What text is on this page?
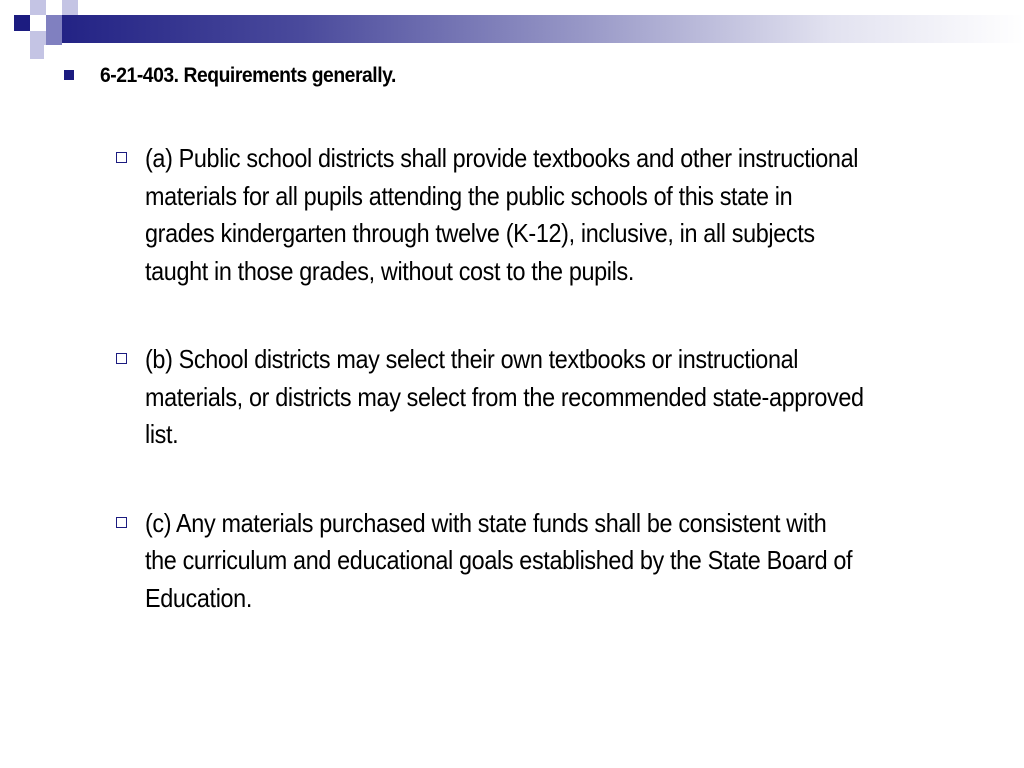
6-21-403. Requirements generally.
(a) Public school districts shall provide textbooks and other instructional
materials for all pupils attending the public schools of this state in
grades kindergarten through twelve (K-12), inclusive, in all subjects
taught in those grades, without cost to the pupils.
(b) School districts may select their own textbooks or instructional
materials, or districts may select from the recommended state-approved
list.
(c) Any materials purchased with state funds shall be consistent with
the curriculum and educational goals established by the State Board of
Education.
